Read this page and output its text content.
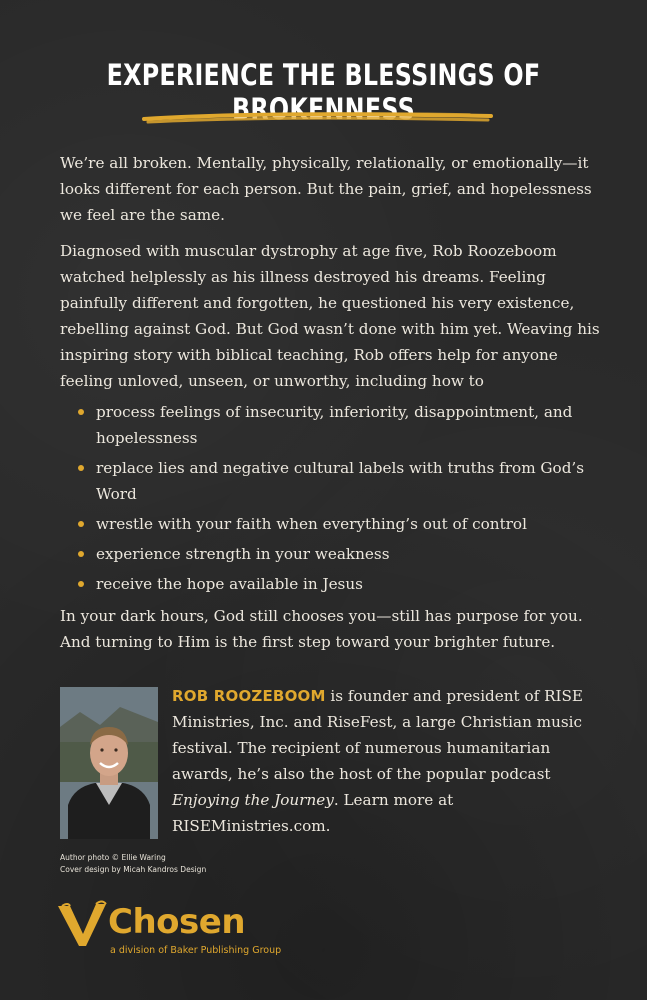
EXPERIENCE THE BLESSINGS OF BROKENNESS

We’re all broken. Mentally, physically, relationally, or emotionally—it looks different for each person. But the pain, grief, and hopelessness we feel are the same.

Diagnosed with muscular dystrophy at age five, Rob Roozeboom watched helplessly as his illness destroyed his dreams. Feeling painfully different and forgotten, he questioned his very existence, rebelling against God. But God wasn’t done with him yet. Weaving his inspiring story with biblical teaching, Rob offers help for anyone feeling unloved, unseen, or unworthy, including how to

process feelings of insecurity, inferiority, disappointment, and hopelessness
replace lies and negative cultural labels with truths from God’s Word
wrestle with your faith when everything’s out of control
experience strength in your weakness
receive the hope available in Jesus

In your dark hours, God still chooses you—still has purpose for you. And turning to Him is the first step toward your brighter future.

ROB ROOZEBOOM is founder and president of RISE Ministries, Inc. and RiseFest, a large Christian music festival. The recipient of numerous humanitarian awards, he’s also the host of the popular podcast Enjoying the Journey. Learn more at RISEMinistries.com.
Author photo © Ellie Waring
Cover design by Micah Kandros Design
Chosen
a division of Baker Publishing Group
